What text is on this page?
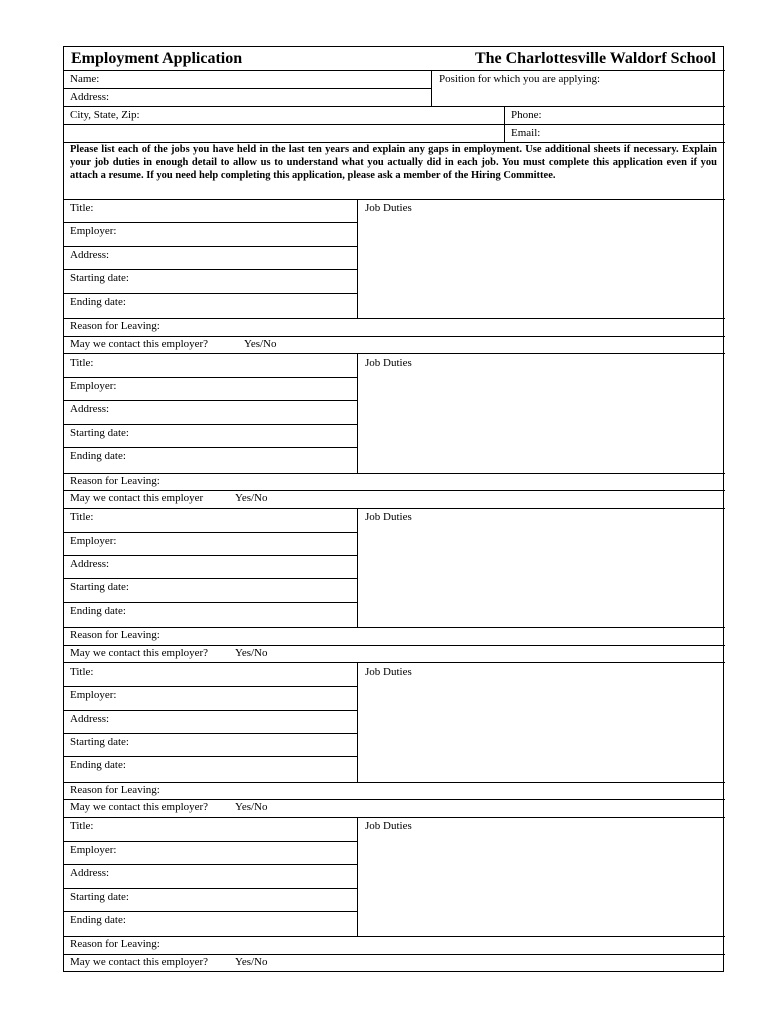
Employment Application	The Charlottesville Waldorf School
Name:	Position for which you are applying:
Address:
City, State, Zip:	Phone:
Email:
Please list each of the jobs you have held in the last ten years and explain any gaps in employment. Use additional sheets if necessary. Explain your job duties in enough detail to allow us to understand what you actually did in each job. You must complete this application even if you attach a resume. If you need help completing this application, please ask a member of the Hiring Committee.
Title:
Employer:
Address:
Starting date:
Ending date:
Job Duties
Reason for Leaving:
May we contact this employer?	Yes/No
Title:
Employer:
Address:
Starting date:
Ending date:
Job Duties
Reason for Leaving:
May we contact this employer	Yes/No
Title:
Employer:
Address:
Starting date:
Ending date:
Job Duties
Reason for Leaving:
May we contact this employer? Yes/No
Title:
Employer:
Address:
Starting date:
Ending date:
Job Duties
Reason for Leaving:
May we contact this employer? Yes/No
Title:
Employer:
Address:
Starting date:
Ending date:
Job Duties
Reason for Leaving:
May we contact this employer? Yes/No
